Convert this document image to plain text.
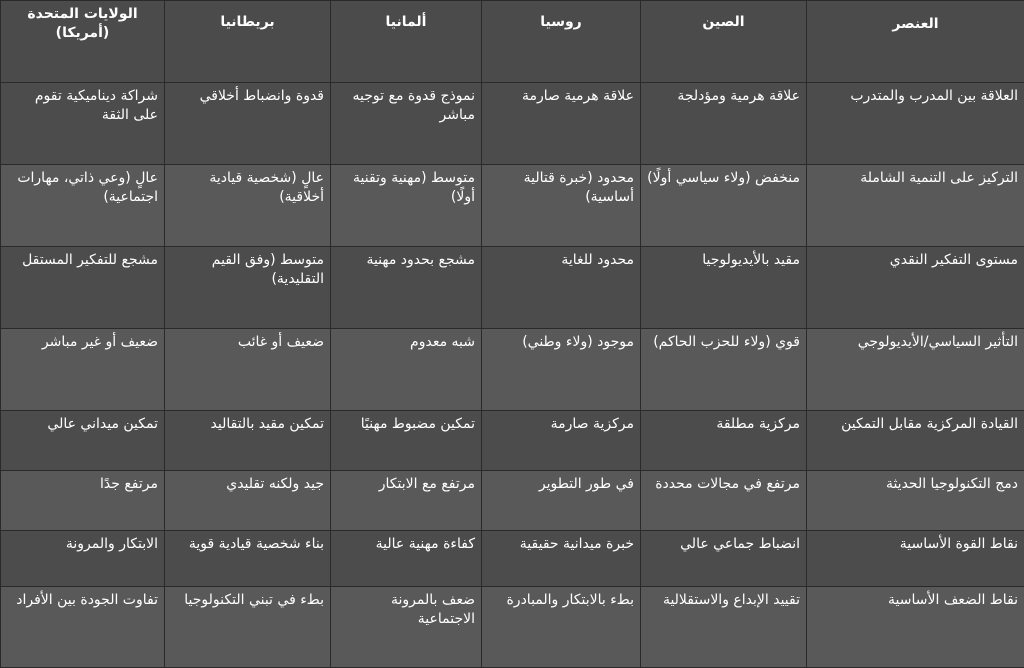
العنصر	الصين	روسيا	ألمانيا	بريطانيا	الولايات المتحدة (أمريكا)
العلاقة بين المدرب والمتدرب	علاقة هرمية ومؤدلجة	علاقة هرمية صارمة	نموذج قدوة مع توجيه مباشر	قدوة وانضباط أخلاقي	شراكة ديناميكية تقوم على الثقة
التركيز على التنمية الشاملة	منخفض (ولاء سياسي أولًا)	محدود (خبرة قتالية أساسية)	متوسط (مهنية وتقنية أولًا)	عالٍ (شخصية قيادية أخلاقية)	عالٍ (وعي ذاتي، مهارات اجتماعية)
مستوى التفكير النقدي	مقيد بالأيديولوجيا	محدود للغاية	مشجع بحدود مهنية	متوسط (وفق القيم التقليدية)	مشجع للتفكير المستقل
التأثير السياسي/الأيديولوجي	قوي (ولاء للحزب الحاكم)	موجود (ولاء وطني)	شبه معدوم	ضعيف أو غائب	ضعيف أو غير مباشر
القيادة المركزية مقابل التمكين	مركزية مطلقة	مركزية صارمة	تمكين مضبوط مهنيًا	تمكين مقيد بالتقاليد	تمكين ميداني عالي
دمج التكنولوجيا الحديثة	مرتفع في مجالات محددة	في طور التطوير	مرتفع مع الابتكار	جيد ولكنه تقليدي	مرتفع جدًا
نقاط القوة الأساسية	انضباط جماعي عالي	خبرة ميدانية حقيقية	كفاءة مهنية عالية	بناء شخصية قيادية قوية	الابتكار والمرونة
نقاط الضعف الأساسية	تقييد الإبداع والاستقلالية	بطء بالابتكار والمبادرة	ضعف بالمرونة الاجتماعية	بطء في تبني التكنولوجيا	تفاوت الجودة بين الأفراد
